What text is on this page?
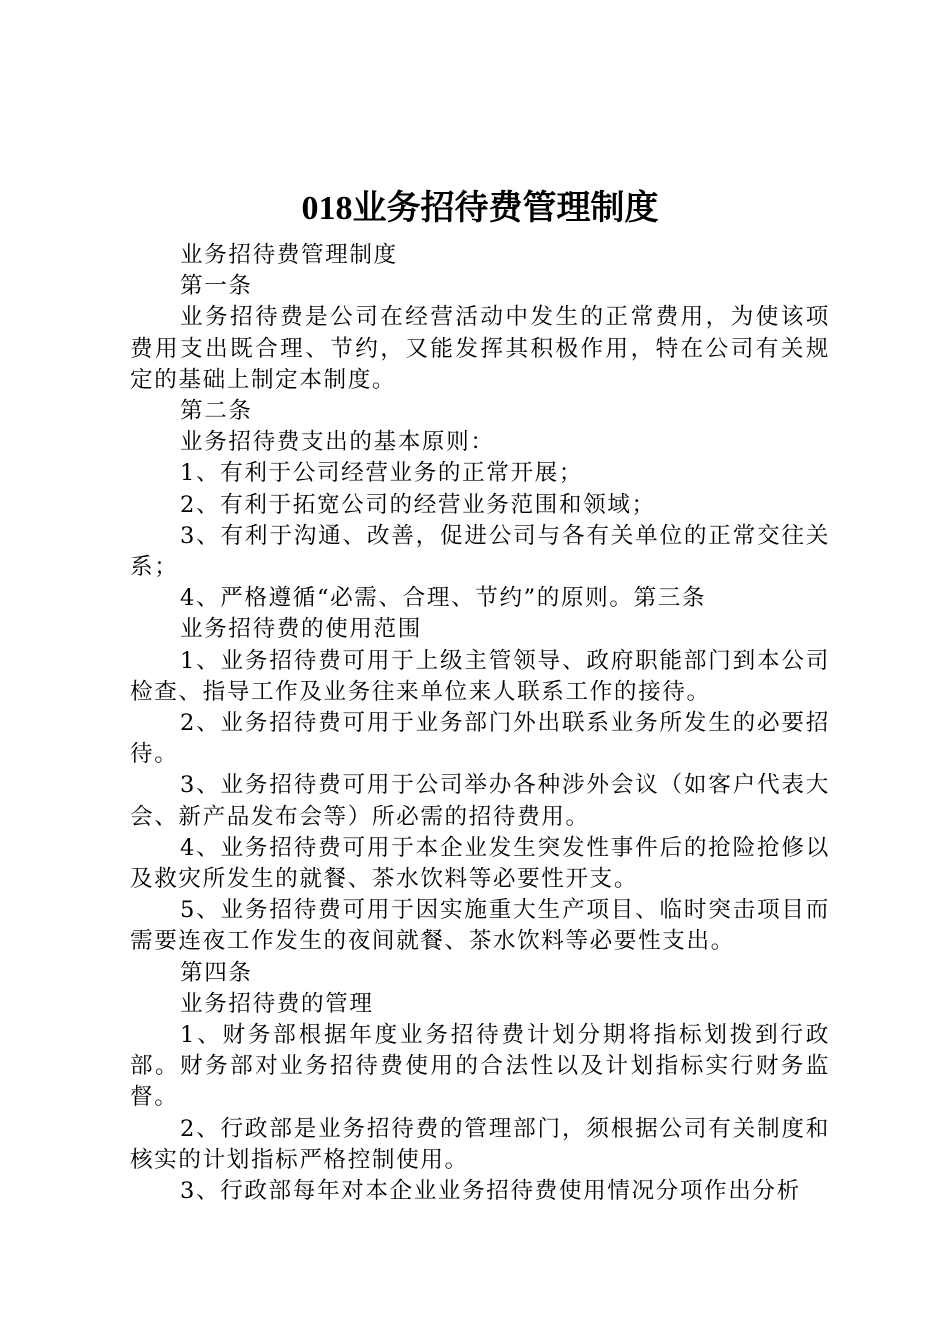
018业务招待费管理制度

业务招待费管理制度

第一条

业务招待费是公司在经营活动中发生的正常费用，为使该项费用支出既合理、节约，又能发挥其积极作用，特在公司有关规定的基础上制定本制度。

第二条

业务招待费支出的基本原则：

1、有利于公司经营业务的正常开展；

2、有利于拓宽公司的经营业务范围和领域；

3、有利于沟通、改善，促进公司与各有关单位的正常交往关系；

4、严格遵循“必需、合理、节约”的原则。第三条

业务招待费的使用范围

1、业务招待费可用于上级主管领导、政府职能部门到本公司检查、指导工作及业务往来单位来人联系工作的接待。

2、业务招待费可用于业务部门外出联系业务所发生的必要招待。

3、业务招待费可用于公司举办各种涉外会议（如客户代表大会、新产品发布会等）所必需的招待费用。

4、业务招待费可用于本企业发生突发性事件后的抢险抢修以及救灾所发生的就餐、茶水饮料等必要性开支。

5、业务招待费可用于因实施重大生产项目、临时突击项目而需要连夜工作发生的夜间就餐、茶水饮料等必要性支出。

第四条

业务招待费的管理

1、财务部根据年度业务招待费计划分期将指标划拨到行政部。财务部对业务招待费使用的合法性以及计划指标实行财务监督。

2、行政部是业务招待费的管理部门，须根据公司有关制度和核实的计划指标严格控制使用。

3、行政部每年对本企业业务招待费使用情况分项作出分析
